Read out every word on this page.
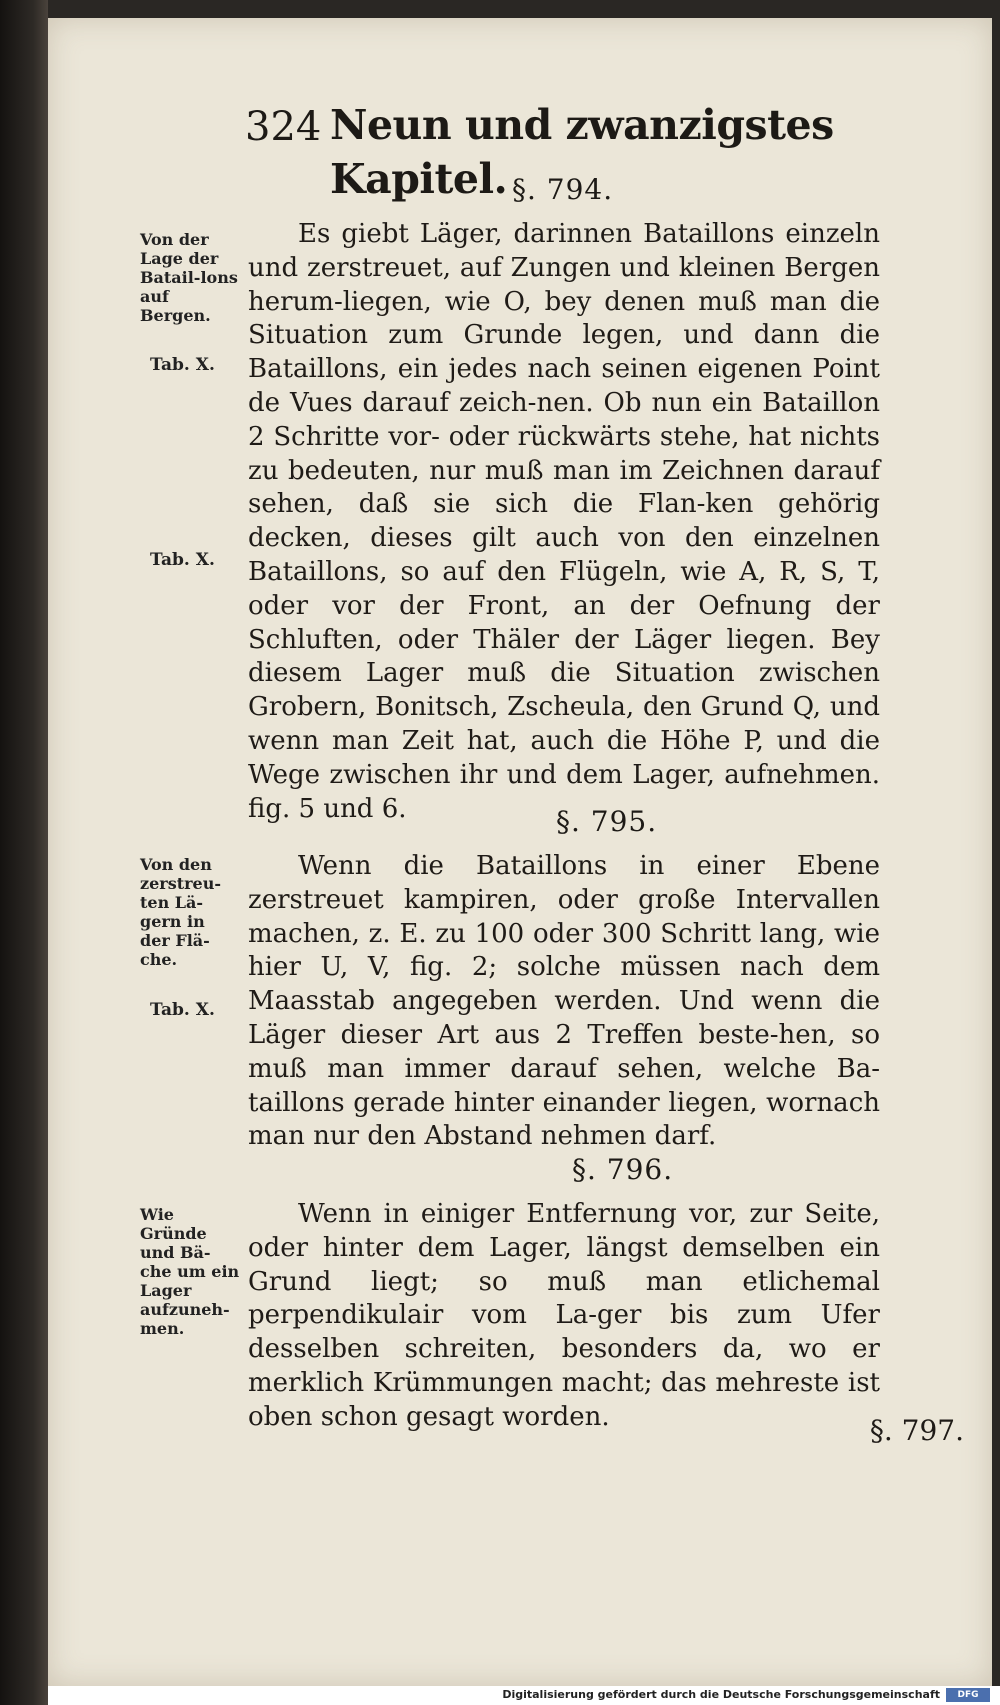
324 Neun und zwanzigstes Kapitel. §. 794.
Von der Lage der Batail-lons auf Bergen.
Tab. X.
Tab. X.

Es giebt Läger, darinnen Bataillons einzeln und zerstreuet, auf Zungen und kleinen Bergen herum-liegen, wie O, bey denen muß man die Situation zum Grunde legen, und dann die Bataillons, ein jedes nach seinen eigenen Point de Vues darauf zeich-nen. Ob nun ein Bataillon 2 Schritte vor- oder rückwärts stehe, hat nichts zu bedeuten, nur muß man im Zeichnen darauf sehen, daß sie sich die Flan-ken gehörig decken, dieses gilt auch von den einzelnen Bataillons, so auf den Flügeln, wie A, R, S, T, oder vor der Front, an der Oefnung der Schluften, oder Thäler der Läger liegen. Bey diesem Lager muß die Situation zwischen Grobern, Bonitsch, Zscheula, den Grund Q, und wenn man Zeit hat, auch die Höhe P, und die Wege zwischen ihr und dem Lager, aufnehmen. fig. 5 und 6.	§. 795.
Von den zerstreu-ten Lä-gern in der Flä-che.
Tab. X.

Wenn die Bataillons in einer Ebene zerstreuet kampiren, oder große Intervallen machen, z. E. zu 100 oder 300 Schritt lang, wie hier U, V, fig. 2; solche müssen nach dem Maasstab angegeben werden. Und wenn die Läger dieser Art aus 2 Treffen beste-hen, so muß man immer darauf sehen, welche Ba-taillons gerade hinter einander liegen, wornach man nur den Abstand nehmen darf.

§. 796.
Wie Gründe und Bä-che um ein Lager aufzuneh-men.

Wenn in einiger Entfernung vor, zur Seite, oder hinter dem Lager, längst demselben ein Grund liegt; so muß man etlichemal perpendikulair vom La-ger bis zum Ufer desselben schreiten, besonders da, wo er merklich Krümmungen macht; das mehreste ist oben schon gesagt worden.	§. 797.
Digitalisierung gefördert durch die Deutsche Forschungsgemeinschaft	DFG
